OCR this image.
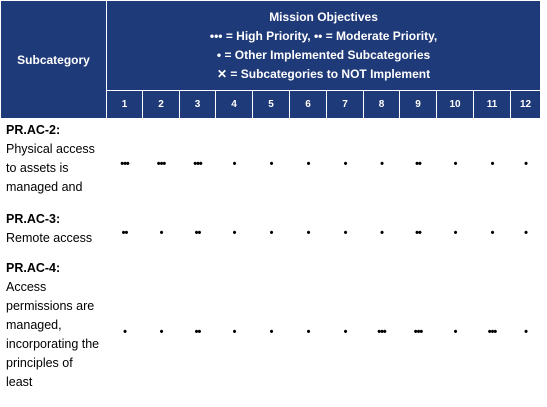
Subcategory	Mission Objectives
••• = High Priority, •• = Moderate Priority,
• = Other Implemented Subcategories
✕ = Subcategories to NOT Implement											

	1	2	3	4	5	6	7	8	9	10	11	12

PR.AC-2:
Physical access to assets is managed and	•••	•••	•••	•	•	•	•	•	••	•	•	•

PR.AC-3:
Remote access	••	•	••	•	•	•	•	•	••	•	•	•

PR.AC-4:
Access permissions are managed, incorporating the principles of least	•	•	••	•	•	•	•	•••	•••	•	•••	•
